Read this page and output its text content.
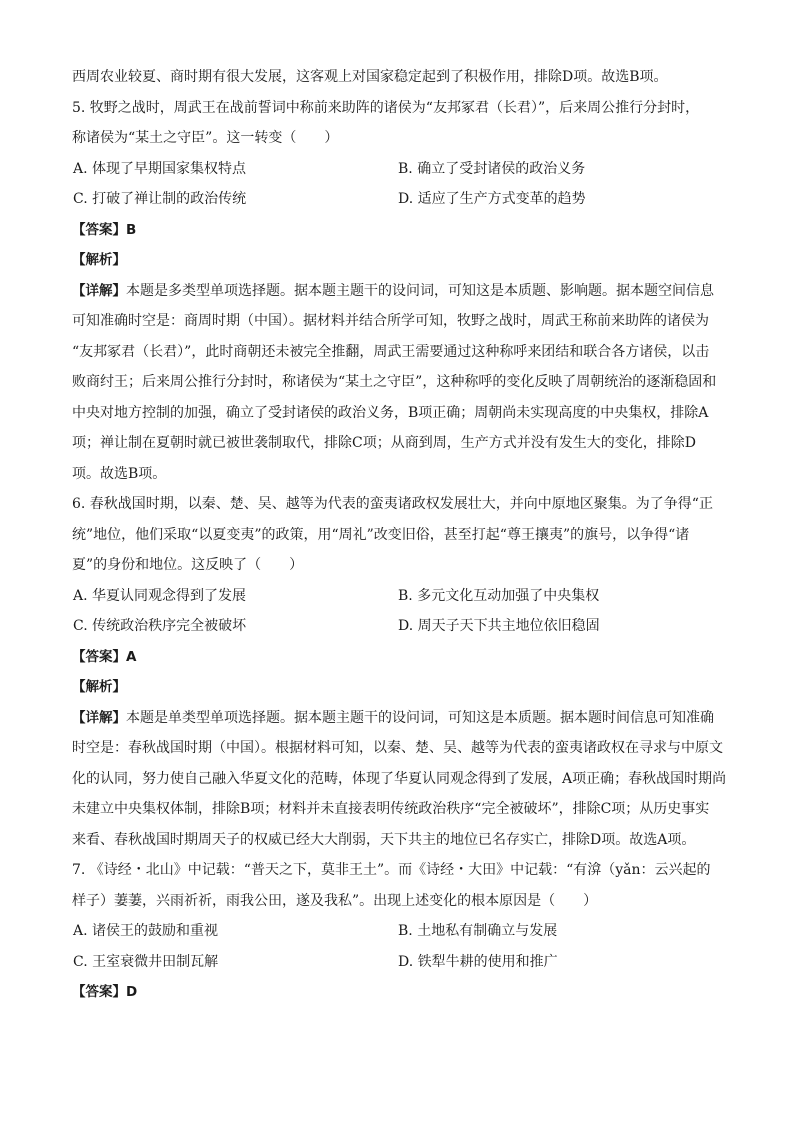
西周农业较夏、商时期有很大发展，这客观上对国家稳定起到了积极作用，排除D项。故选B项。

5. 牧野之战时，周武王在战前誓词中称前来助阵的诸侯为“友邦冢君（长君）”，后来周公推行分封时，

称诸侯为“某土之守臣”。这一转变（　　）

A. 体现了早期国家集权特点	B. 确立了受封诸侯的政治义务
C. 打破了禅让制的政治传统	D. 适应了生产方式变革的趋势

【答案】B

【解析】

【详解】本题是多类型单项选择题。据本题主题干的设问词，可知这是本质题、影响题。据本题空间信息

可知准确时空是：商周时期（中国）。据材料并结合所学可知，牧野之战时，周武王称前来助阵的诸侯为

“友邦冢君（长君）”，此时商朝还未被完全推翻，周武王需要通过这种称呼来团结和联合各方诸侯，以击

败商纣王；后来周公推行分封时，称诸侯为“某土之守臣”，这种称呼的变化反映了周朝统治的逐渐稳固和

中央对地方控制的加强，确立了受封诸侯的政治义务，B项正确；周朝尚未实现高度的中央集权，排除A

项；禅让制在夏朝时就已被世袭制取代，排除C项；从商到周，生产方式并没有发生大的变化，排除D

项。故选B项。

6. 春秋战国时期，以秦、楚、吴、越等为代表的蛮夷诸政权发展壮大，并向中原地区聚集。为了争得“正

统”地位，他们采取“以夏变夷”的政策，用“周礼”改变旧俗，甚至打起“尊王攘夷”的旗号，以争得“诸

夏”的身份和地位。这反映了（　　）

A. 华夏认同观念得到了发展	B. 多元文化互动加强了中央集权
C. 传统政治秩序完全被破坏	D. 周天子天下共主地位依旧稳固

【答案】A

【解析】

【详解】本题是单类型单项选择题。据本题主题干的设问词，可知这是本质题。据本题时间信息可知准确

时空是：春秋战国时期（中国）。根据材料可知，以秦、楚、吴、越等为代表的蛮夷诸政权在寻求与中原文

化的认同，努力使自己融入华夏文化的范畴，体现了华夏认同观念得到了发展，A项正确；春秋战国时期尚

未建立中央集权体制，排除B项；材料并未直接表明传统政治秩序“完全被破坏”，排除C项；从历史事实

来看、春秋战国时期周天子的权威已经大大削弱，天下共主的地位已名存实亡，排除D项。故选A项。

7. 《诗经・北山》中记载：“普天之下，莫非王土”。而《诗经・大田》中记载：“有渰（yǎn：云兴起的

样子）萋萋，兴雨祈祈，雨我公田，遂及我私”。出现上述变化的根本原因是（　　）

A. 诸侯王的鼓励和重视	B. 土地私有制确立与发展
C. 王室衰微井田制瓦解	D. 铁犁牛耕的使用和推广

【答案】D
